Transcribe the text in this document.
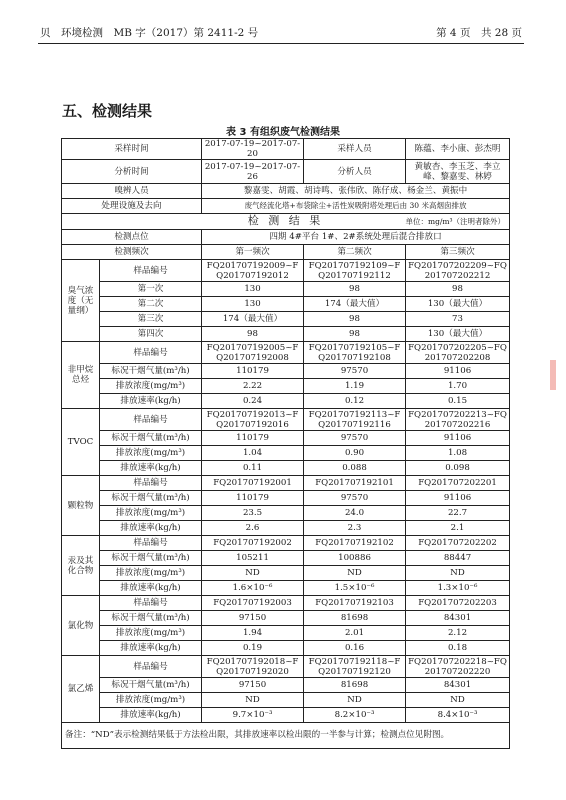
贝　环境检测　MB 字（2017）第 2411-2 号	第 4 页　共 28 页
五、检测结果
表 3 有组织废气检测结果
采样时间		2017-07-19~2017-07-20	采样人员	陈蕴、李小康、彭杰明
分析时间		2017-07-19~2017-07-26	分析人员	黄敏杏、李玉芝、李立峰、黎嘉雯、林婷
嗅辨人员		黎嘉雯、胡霞、胡诗鸣、张伟欣、陈仔成、杨金兰、黄振中		
处理设施及去向		废气经流化塔+布袋除尘+活性炭吸附塔处理后由 30 米高烟囱排放		
检 测 结 果 单位：mg/m³（注明者除外）				

检测点位		四期 4#平台 1#、2#系统处理后混合排放口		
检测频次		第一频次	第二频次	第三频次
臭气浓度（无量纲）	样品编号	FQ201707192009~FQ201707192012	FQ201707192109~FQ201707192112	FQ201707202209~FQ201707202212
	第一次	130	98	98
	第二次	130	174（最大值）	130（最大值）
	第三次	174（最大值）	98	73
	第四次	98	98	130（最大值）
非甲烷总烃	样品编号	FQ201707192005~FQ201707192008	FQ201707192105~FQ201707192108	FQ201707202205~FQ201707202208
	标况干烟气量(m³/h)	110179	97570	91106
	排放浓度(mg/m³)	2.22	1.19	1.70
	排放速率(kg/h)	0.24	0.12	0.15
TVOC	样品编号	FQ201707192013~FQ201707192016	FQ201707192113~FQ201707192116	FQ201707202213~FQ201707202216
	标况干烟气量(m³/h)	110179	97570	91106
	排放浓度(mg/m³)	1.04	0.90	1.08
	排放速率(kg/h)	0.11	0.088	0.098
颗粒物	样品编号	FQ201707192001	FQ201707192101	FQ201707202201
	标况干烟气量(m³/h)	110179	97570	91106
	排放浓度(mg/m³)	23.5	24.0	22.7
	排放速率(kg/h)	2.6	2.3	2.1
汞及其化合物	样品编号	FQ201707192002	FQ201707192102	FQ201707202202
	标况干烟气量(m³/h)	105211	100886	88447
	排放浓度(mg/m³)	ND	ND	ND
	排放速率(kg/h)	1.6×10⁻⁶	1.5×10⁻⁶	1.3×10⁻⁶
氯化物	样品编号	FQ201707192003	FQ201707192103	FQ201707202203
	标况干烟气量(m³/h)	97150	81698	84301
	排放浓度(mg/m³)	1.94	2.01	2.12
	排放速率(kg/h)	0.19	0.16	0.18
氯乙烯	样品编号	FQ201707192018~FQ201707192020	FQ201707192118~FQ201707192120	FQ201707202218~FQ201707202220
	标况干烟气量(m³/h)	97150	81698	84301
	排放浓度(mg/m³)	ND	ND	ND
	排放速率(kg/h)	9.7×10⁻³	8.2×10⁻³	8.4×10⁻³
备注：“ND”表示检测结果低于方法检出限，其排放速率以检出限的一半参与计算；检测点位见附图。				
